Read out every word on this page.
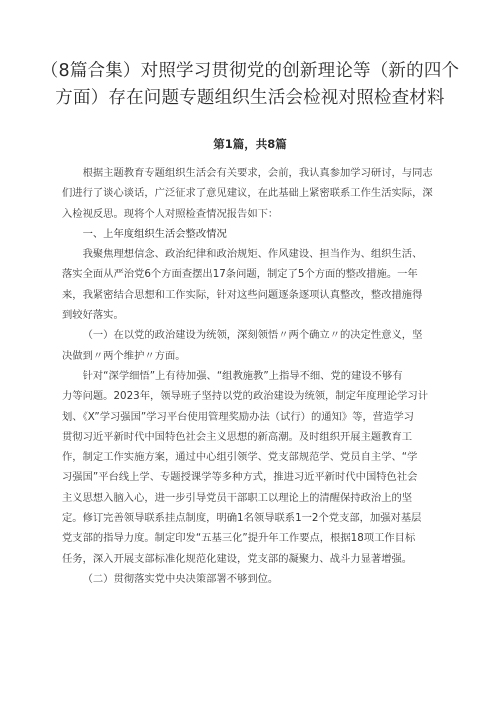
（8篇合集）对照学习贯彻党的创新理论等（新的四个
方面）存在问题专题组织生活会检视对照检查材料
第1篇，共8篇
根据主题教育专题组织生活会有关要求，会前，我认真参加学习研讨，与同志
们进行了谈心谈话，广泛征求了意见建议，在此基础上紧密联系工作生活实际，深
入检视反思。现将个人对照检查情况报告如下：
一、上年度组织生活会整改情况
我聚焦理想信念、政治纪律和政治规矩、作风建设、担当作为、组织生活、
落实全面从严治党6个方面查摆出17条问题，制定了5个方面的整改措施。一年
来，我紧密结合思想和工作实际，针对这些问题逐条逐项认真整改，整改措施得
到较好落实。
（一）在以党的政治建设为统领，深刻领悟〃两个确立〃的决定性意义，坚
决做到〃两个维护〃方面。
针对“深学细悟”上有待加强、“组教施教”上指导不细、党的建设不够有
力等问题。2023年，领导班子坚持以党的政治建设为统领，制定年度理论学习计
划、《X”学习强国”学习平台使用管理奖励办法（试行）的通知》等，营造学习
贯彻习近平新时代中国特色社会主义思想的新高潮。及时组织开展主题教育工
作，制定工作实施方案，通过中心组引领学、党支部规范学、党员自主学、“学
习强国”平台线上学、专题授课学等多种方式，推进习近平新时代中国特色社会
主义思想入脑入心，进一步引导党员干部职工以理论上的清醒保持政治上的坚
定。修订完善领导联系挂点制度，明确1名领导联系1一2个党支部，加强对基层
党支部的指导力度。制定印发“五基三化”提升年工作要点，根据18项工作目标
任务，深入开展支部标准化规范化建设，党支部的凝聚力、战斗力显著增强。
（二）贯彻落实党中央决策部署不够到位。
